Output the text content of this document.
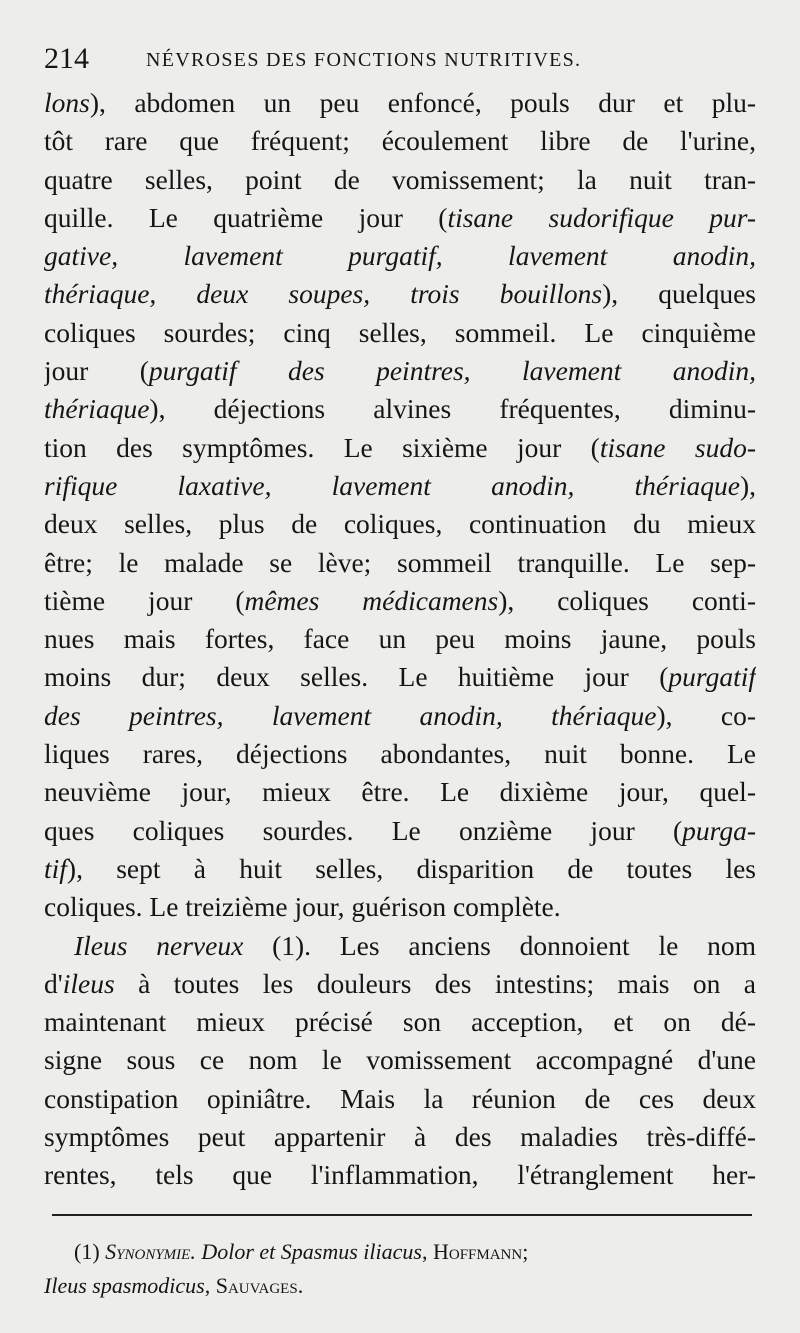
214	NÉVROSES DES FONCTIONS NUTRITIVES.
lons), abdomen un peu enfoncé, pouls dur et plu-
tôt rare que fréquent; écoulement libre de l'urine,
quatre selles, point de vomissement; la nuit tran-
quille. Le quatrième jour (tisane sudorifique pur-
gative, lavement purgatif, lavement anodin,
thériaque, deux soupes, trois bouillons), quelques
coliques sourdes; cinq selles, sommeil. Le cinquième
jour (purgatif des peintres, lavement anodin,
thériaque), déjections alvines fréquentes, diminu-
tion des symptômes. Le sixième jour (tisane sudo-
rifique laxative, lavement anodin, thériaque),
deux selles, plus de coliques, continuation du mieux
être; le malade se lève; sommeil tranquille. Le sep-
tième jour (mêmes médicamens), coliques conti-
nues mais fortes, face un peu moins jaune, pouls
moins dur; deux selles. Le huitième jour (purgatif
des peintres, lavement anodin, thériaque), co-
liques rares, déjections abondantes, nuit bonne. Le
neuvième jour, mieux être. Le dixième jour, quel-
ques coliques sourdes. Le onzième jour (purga-
tif), sept à huit selles, disparition de toutes les
coliques. Le treizième jour, guérison complète.
Ileus nerveux (1). Les anciens donnoient le nom
d'ileus à toutes les douleurs des intestins; mais on a
maintenant mieux précisé son acception, et on dé-
signe sous ce nom le vomissement accompagné d'une
constipation opiniâtre. Mais la réunion de ces deux
symptômes peut appartenir à des maladies très-diffé-
rentes, tels que l'inflammation, l'étranglement her-
(1) Synonymie. Dolor et Spasmus iliacus, Hoffmann;
Ileus spasmodicus, Sauvages.
